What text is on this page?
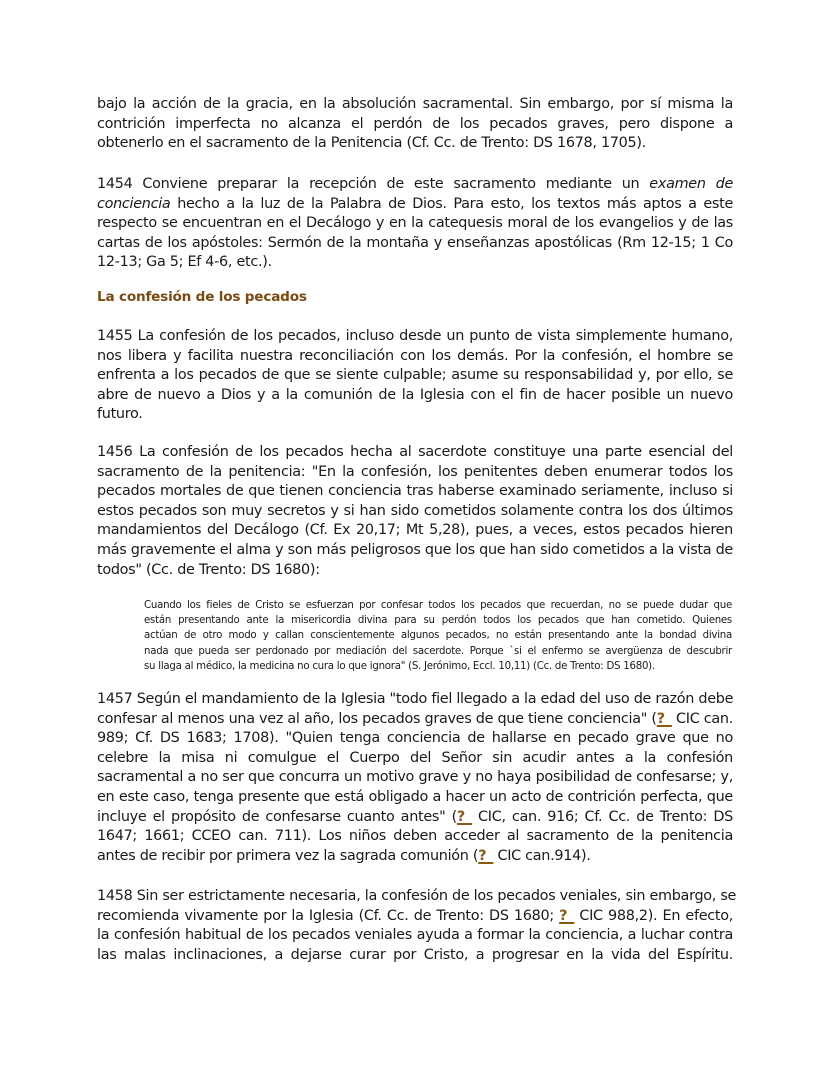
bajo la acción de la gracia, en la absolución sacramental. Sin embargo, por sí misma la
contrición imperfecta no alcanza el perdón de los pecados graves, pero dispone a
obtenerlo en el sacramento de la Penitencia (Cf. Cc. de Trento: DS 1678, 1705).
1454 Conviene preparar la recepción de este sacramento mediante un examen de
conciencia hecho a la luz de la Palabra de Dios. Para esto, los textos más aptos a este
respecto se encuentran en el Decálogo y en la catequesis moral de los evangelios y de las
cartas de los apóstoles: Sermón de la montaña y enseñanzas apostólicas (Rm 12-15; 1 Co
12-13; Ga 5; Ef 4-6, etc.).
La confesión de los pecados
1455 La confesión de los pecados, incluso desde un punto de vista simplemente humano,
nos libera y facilita nuestra reconciliación con los demás. Por la confesión, el hombre se
enfrenta a los pecados de que se siente culpable; asume su responsabilidad y, por ello, se
abre de nuevo a Dios y a la comunión de la Iglesia con el fin de hacer posible un nuevo
futuro.
1456 La confesión de los pecados hecha al sacerdote constituye una parte esencial del
sacramento de la penitencia: "En la confesión, los penitentes deben enumerar todos los
pecados mortales de que tienen conciencia tras haberse examinado seriamente, incluso si
estos pecados son muy secretos y si han sido cometidos solamente contra los dos últimos
mandamientos del Decálogo (Cf. Ex 20,17; Mt 5,28), pues, a veces, estos pecados hieren
más gravemente el alma y son más peligrosos que los que han sido cometidos a la vista de
todos" (Cc. de Trento: DS 1680):
Cuando los fieles de Cristo se esfuerzan por confesar todos los pecados que recuerdan, no se puede dudar que
están presentando ante la misericordia divina para su perdón todos los pecados que han cometido. Quienes
actúan de otro modo y callan conscientemente algunos pecados, no están presentando ante la bondad divina
nada que pueda ser perdonado por mediación del sacerdote. Porque `si el enfermo se avergüenza de descubrir
su llaga al médico, la medicina no cura lo que ignora" (S. Jerónimo, Eccl. 10,11) (Cc. de Trento: DS 1680).
1457 Según el mandamiento de la Iglesia "todo fiel llegado a la edad del uso de razón debe
confesar al menos una vez al año, los pecados graves de que tiene conciencia" (?_ CIC can.
989; Cf. DS 1683; 1708). "Quien tenga conciencia de hallarse en pecado grave que no
celebre la misa ni comulgue el Cuerpo del Señor sin acudir antes a la confesión
sacramental a no ser que concurra un motivo grave y no haya posibilidad de confesarse; y,
en este caso, tenga presente que está obligado a hacer un acto de contrición perfecta, que
incluye el propósito de confesarse cuanto antes" (?_ CIC, can. 916; Cf. Cc. de Trento: DS
1647; 1661; CCEO can. 711). Los niños deben acceder al sacramento de la penitencia
antes de recibir por primera vez la sagrada comunión (?_ CIC can.914).
1458 Sin ser estrictamente necesaria, la confesión de los pecados veniales, sin embargo, se
recomienda vivamente por la Iglesia (Cf. Cc. de Trento: DS 1680; ?_ CIC 988,2). En efecto,
la confesión habitual de los pecados veniales ayuda a formar la conciencia, a luchar contra
las malas inclinaciones, a dejarse curar por Cristo, a progresar en la vida del Espíritu.
